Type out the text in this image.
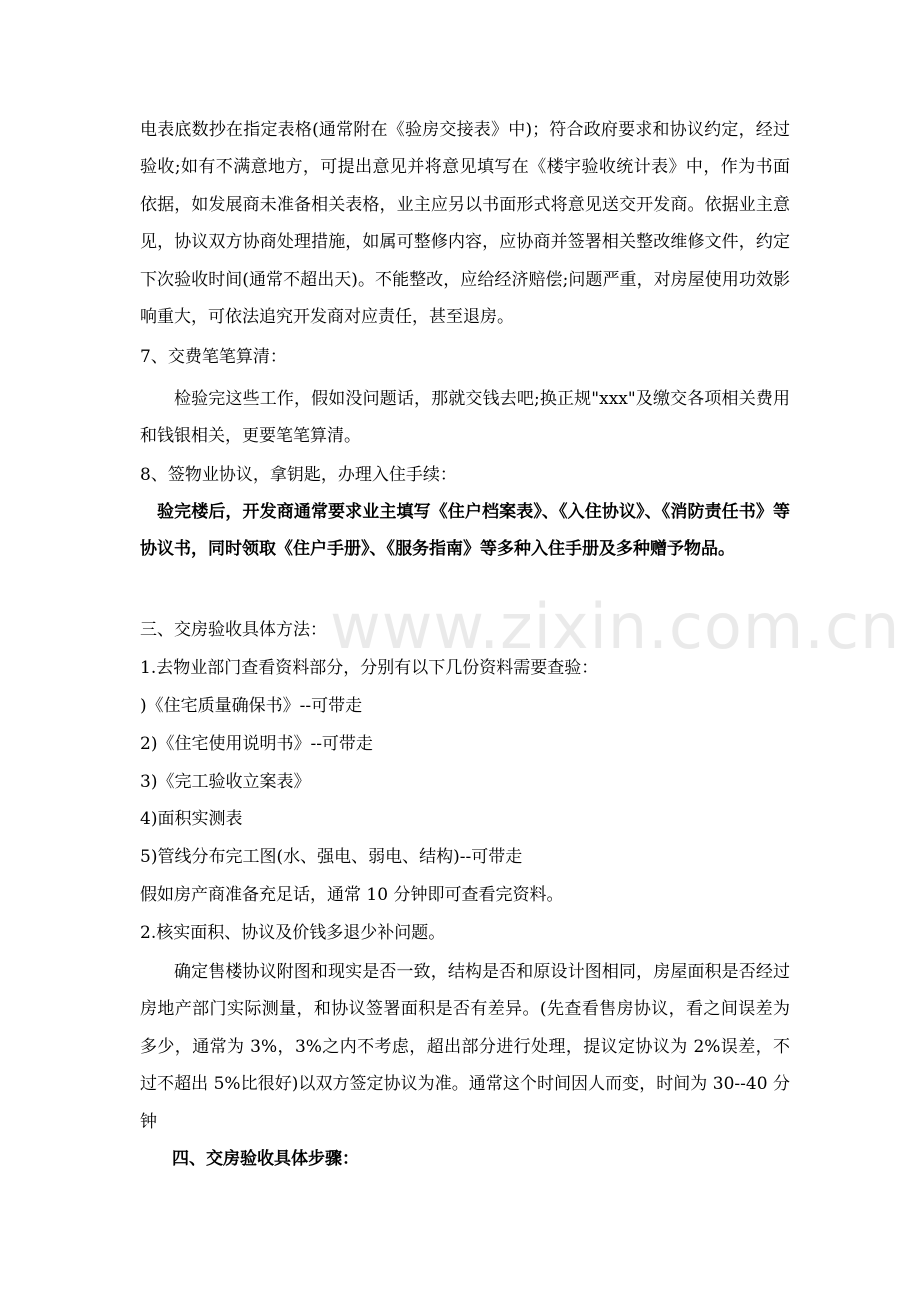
www.zixin.com.cn

电表底数抄在指定表格(通常附在《验房交接表》中)；符合政府要求和协议约定，经过验收;如有不满意地方，可提出意见并将意见填写在《楼宇验收统计表》中，作为书面依据，如发展商未准备相关表格，业主应另以书面形式将意见送交开发商。依据业主意见，协议双方协商处理措施，如属可整修内容，应协商并签署相关整改维修文件，约定下次验收时间(通常不超出天)。不能整改，应给经济赔偿;问题严重，对房屋使用功效影响重大，可依法追究开发商对应责任，甚至退房。

7、交费笔笔算清：

检验完这些工作，假如没问题话，那就交钱去吧;换正规"xxx"及缴交各项相关费用和钱银相关，更要笔笔算清。

8、签物业协议，拿钥匙，办理入住手续：

验完楼后，开发商通常要求业主填写《住户档案表》、《入住协议》、《消防责任书》等协议书，同时领取《住户手册》、《服务指南》等多种入住手册及多种赠予物品。

三、交房验收具体方法：

1.去物业部门查看资料部分，分别有以下几份资料需要查验：

)《住宅质量确保书》--可带走

2)《住宅使用说明书》--可带走

3)《完工验收立案表》

4)面积实测表

5)管线分布完工图(水、强电、弱电、结构)--可带走

假如房产商准备充足话，通常 10 分钟即可查看完资料。

2.核实面积、协议及价钱多退少补问题。

确定售楼协议附图和现实是否一致，结构是否和原设计图相同，房屋面积是否经过房地产部门实际测量，和协议签署面积是否有差异。(先查看售房协议，看之间误差为多少，通常为 3%，3%之内不考虑，超出部分进行处理，提议定协议为 2%误差，不过不超出 5%比很好)以双方签定协议为准。通常这个时间因人而变，时间为 30--40 分钟

四、交房验收具体步骤：
